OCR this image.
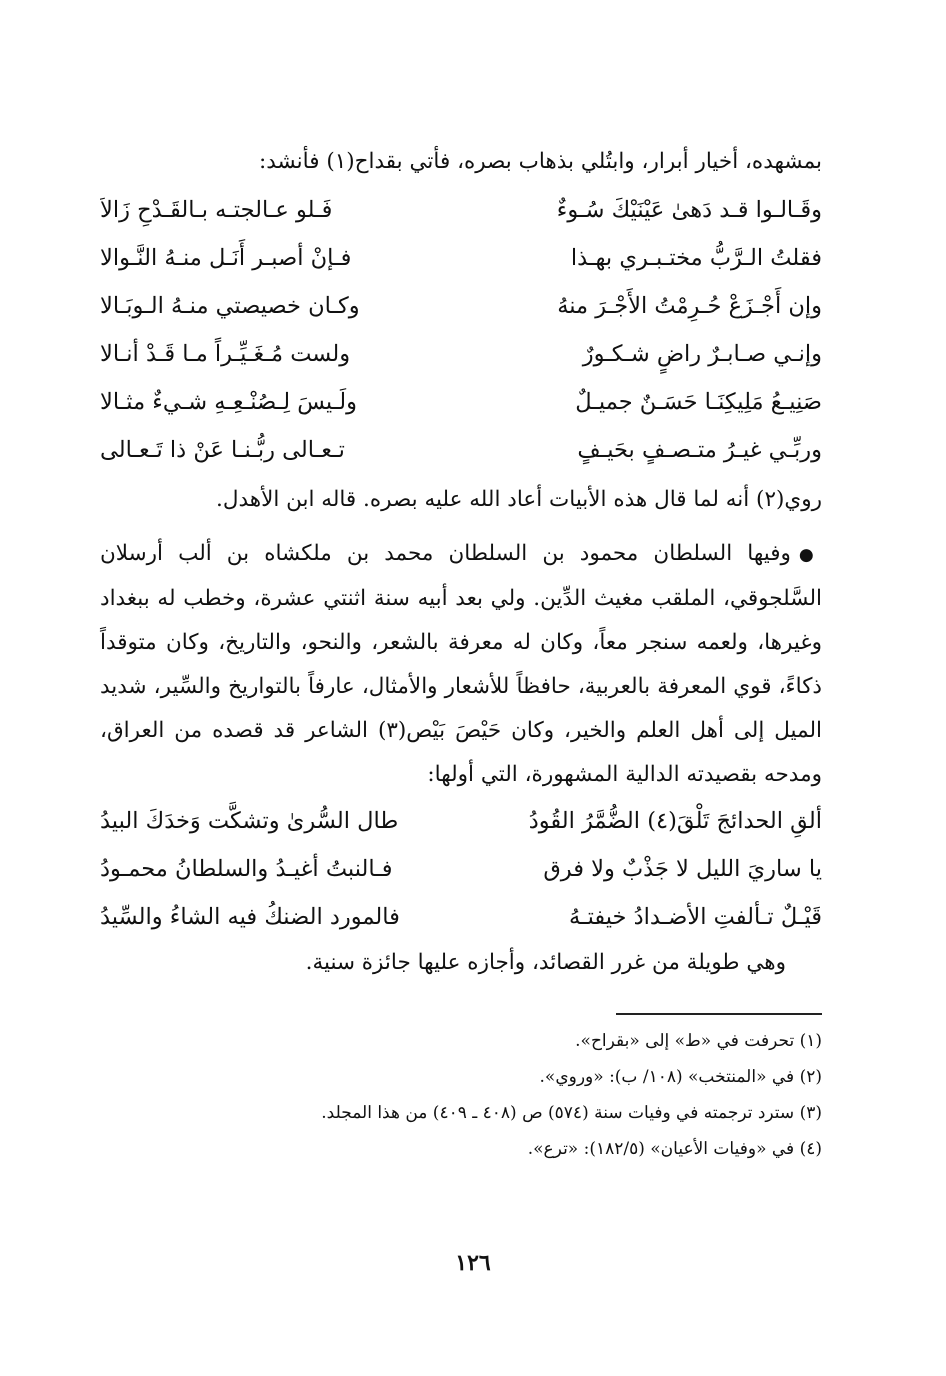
بمشهده، أخيار أبرار، وابتُلي بذهاب بصره، فأتي بقداح(١) فأنشد:

وقَـالـوا قـد دَهىٰ عَيْنَيْكَ سُـوءٌ
فَـلو عـالجتـه بـالقَـدْحِ زَالاَ
فقلتُ الـرَّبُّ مختـبـري بهـذا
فـإنْ أصبـر أَنَـل منـهُ النَّـوالا
وإن أَجْـزَعْ حُـرِمْتُ الأَجْـرَ منهُ
وكـان خصيصتي منـهُ الـوبَـالا
وإنـي صـابـرٌ راضٍ شـكـورٌ
ولست مُـغَـيِّـراً مـا قَـدْ أنـالا
صَنِيـعُ مَلِيكِنَـا حَسَـنٌ جميـلٌ
ولَـيسَ لِـصُنْـعِـهِ شـيءٌ مثـالا
وربِّـي غيـرُ متـصـفٍ بحَيـفٍ
تـعـالى ربُّـنـا عَنْ ذا تَـعـالى

روي(٢) أنه لما قال هذه الأبيات أعاد الله عليه بصره. قاله ابن الأهدل.

● وفيها السلطان محمود بن السلطان محمد بن ملكشاه بن ألب أرسلان السَّلجوقي، الملقب مغيث الدِّين. ولي بعد أبيه سنة اثنتي عشرة، وخطب له ببغداد وغيرها، ولعمه سنجر معاً، وكان له معرفة بالشعر، والنحو، والتاريخ، وكان متوقداً ذكاءً، قوي المعرفة بالعربية، حافظاً للأشعار والأمثال، عارفاً بالتواريخ والسِّير، شديد الميل إلى أهل العلم والخير، وكان حَيْصَ بَيْص(٣) الشاعر قد قصده من العراق، ومدحه بقصيدته الدالية المشهورة، التي أولها:

ألقِ الحدائجَ تَلْقَ(٤) الضُّمَّرُ القُودُ
طال السُّرىٰ وتشكَّت وَخدَكَ البيدُ
يا ساريَ الليل لا جَذْبٌ ولا فرق
فـالنبتُ أغيـدُ والسلطانُ محمـودُ
قَيْـلٌ تـألفتِ الأضـدادُ خيفتـهُ
فالمورد الضنكُ فيه الشاءُ والسِّيدُ

وهي طويلة من غرر القصائد، وأجازه عليها جائزة سنية.

(١) تحرفت في «ط» إلى «بقراح».

(٢) في «المنتخب» (١٠٨/ ب): «وروي».

(٣) سترد ترجمته في وفيات سنة (٥٧٤) ص (٤٠٨ ـ ٤٠٩) من هذا المجلد.

(٤) في «وفيات الأعيان» (١٨٢/٥): «ترع».

١٢٦
